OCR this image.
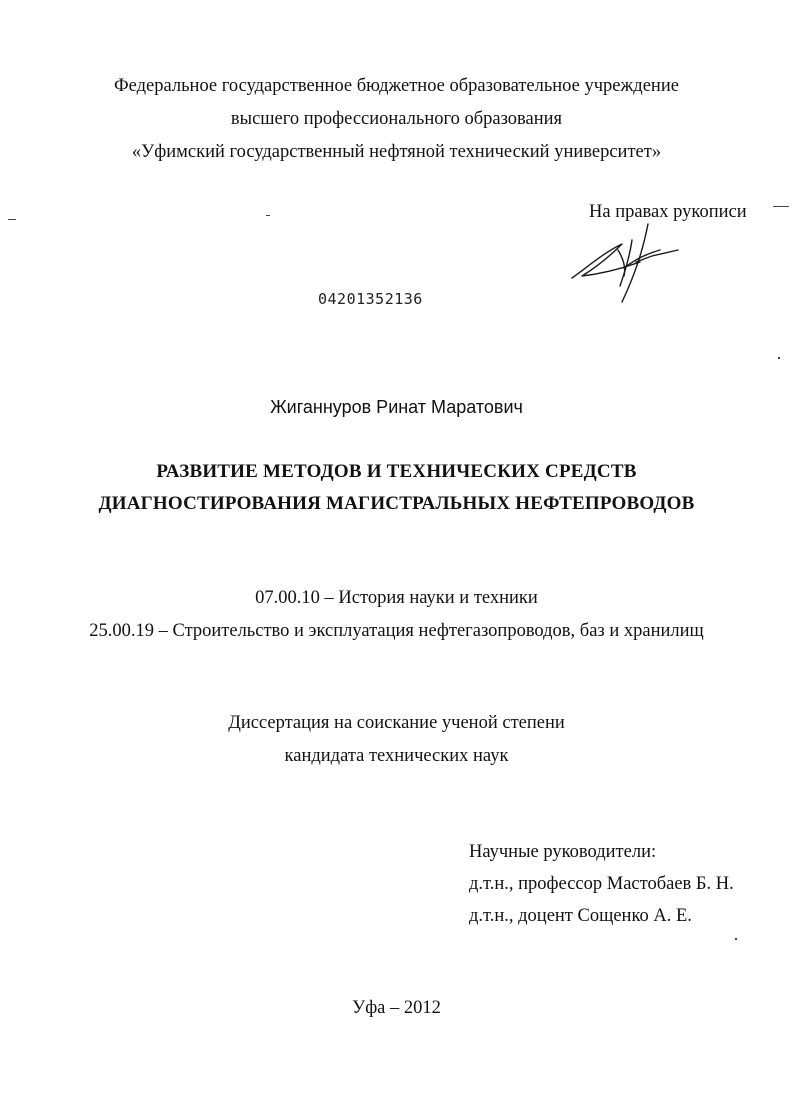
Федеральное государственное бюджетное образовательное учреждение
высшего профессионального образования
«Уфимский государственный нефтяной технический университет»
На правах рукописи
04201352136
Жиганнуров Ринат Маратович
РАЗВИТИЕ МЕТОДОВ И ТЕХНИЧЕСКИХ СРЕДСТВ
ДИАГНОСТИРОВАНИЯ МАГИСТРАЛЬНЫХ НЕФТЕПРОВОДОВ
07.00.10 – История науки и техники
25.00.19 – Строительство и эксплуатация нефтегазопроводов, баз и хранилищ
Диссертация на соискание ученой степени
кандидата технических наук
Научные руководители:
д.т.н., профессор Мастобаев Б. Н.
д.т.н., доцент Сощенко А. Е.
Уфа – 2012
